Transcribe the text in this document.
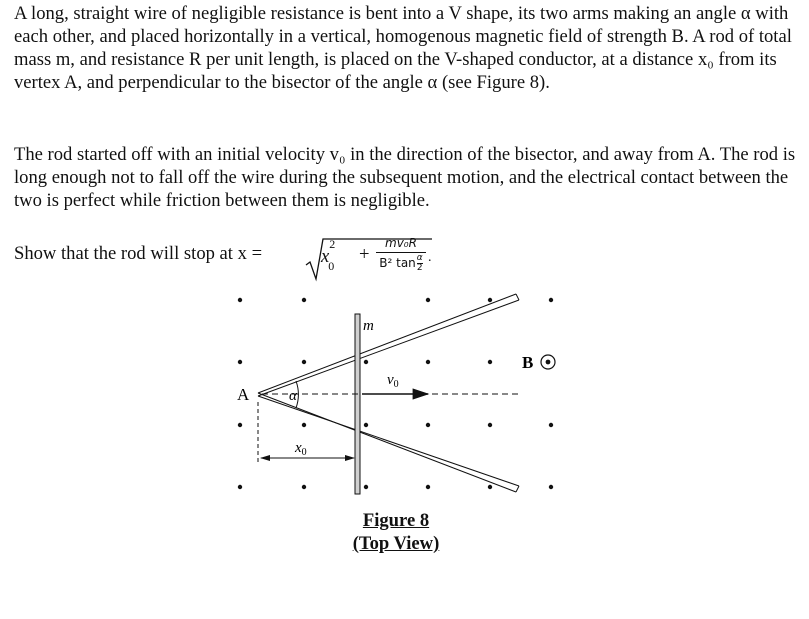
A long, straight wire of negligible resistance is bent into a V shape, its two arms making an angle α with each other, and placed horizontally in a vertical, homogenous magnetic field of strength B. A rod of total mass m, and resistance R per unit length, is placed on the V-shaped conductor, at a distance x₀ from its vertex A, and perpendicular to the bisector of the angle α (see Figure 8).
The rod started off with an initial velocity v₀ in the direction of the bisector, and away from A. The rod is long enough not to fall off the wire during the subsequent motion, and the electrical contact between the two is perfect while friction between them is negligible.
Show that the rod will stop at x =	$x^2_0$
+
mv₀R
B² $\tan \frac{\alpha}{2}$ .
A	α
m
$v_0$
$x_0$
B
Figure 8
(Top View)
